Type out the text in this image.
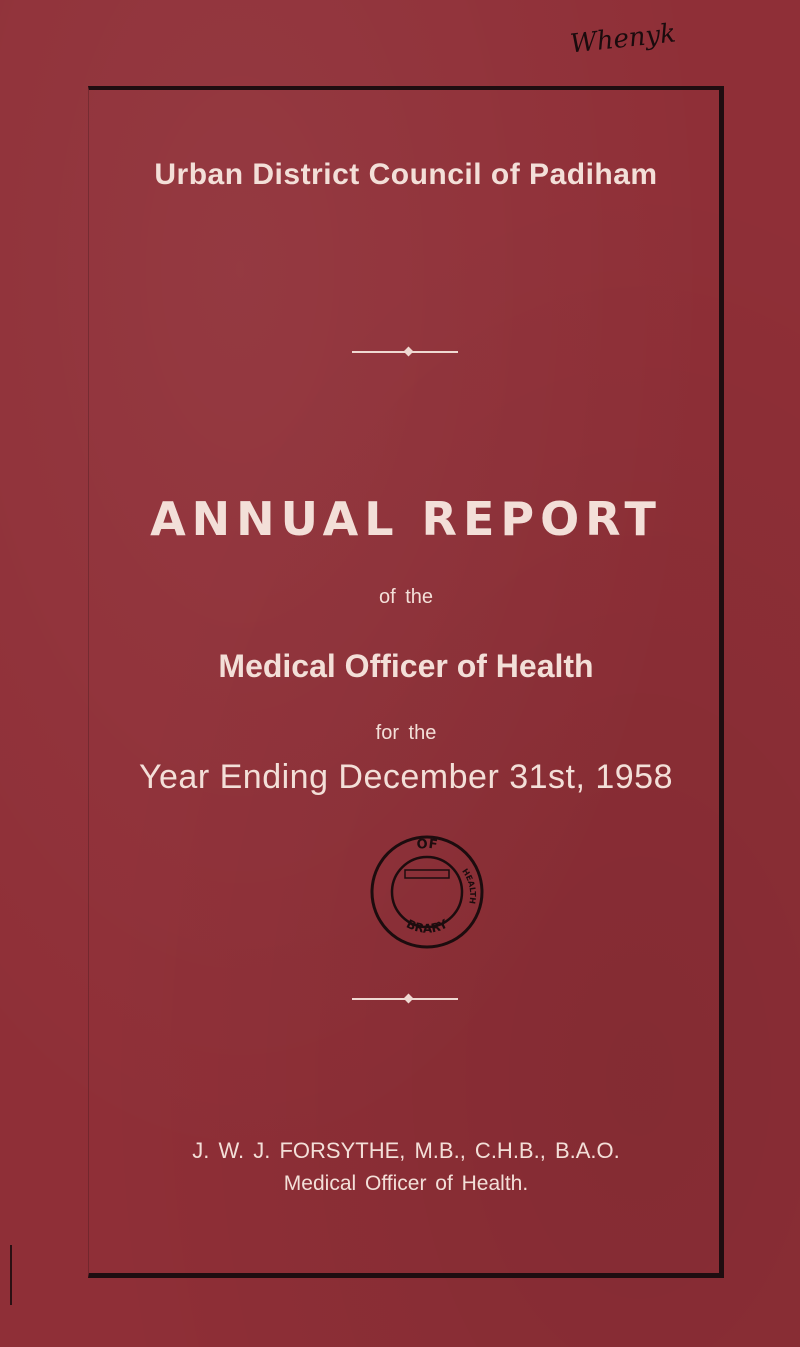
Whenyk
Urban District Council of Padiham
ANNUAL REPORT
of the
Medical Officer of Health
for the
Year Ending December 31st, 1958
OF
BRARY
HEALTH
J. W. J. FORSYTHE, M.B., C.H.B., B.A.O.
Medical Officer of Health.
